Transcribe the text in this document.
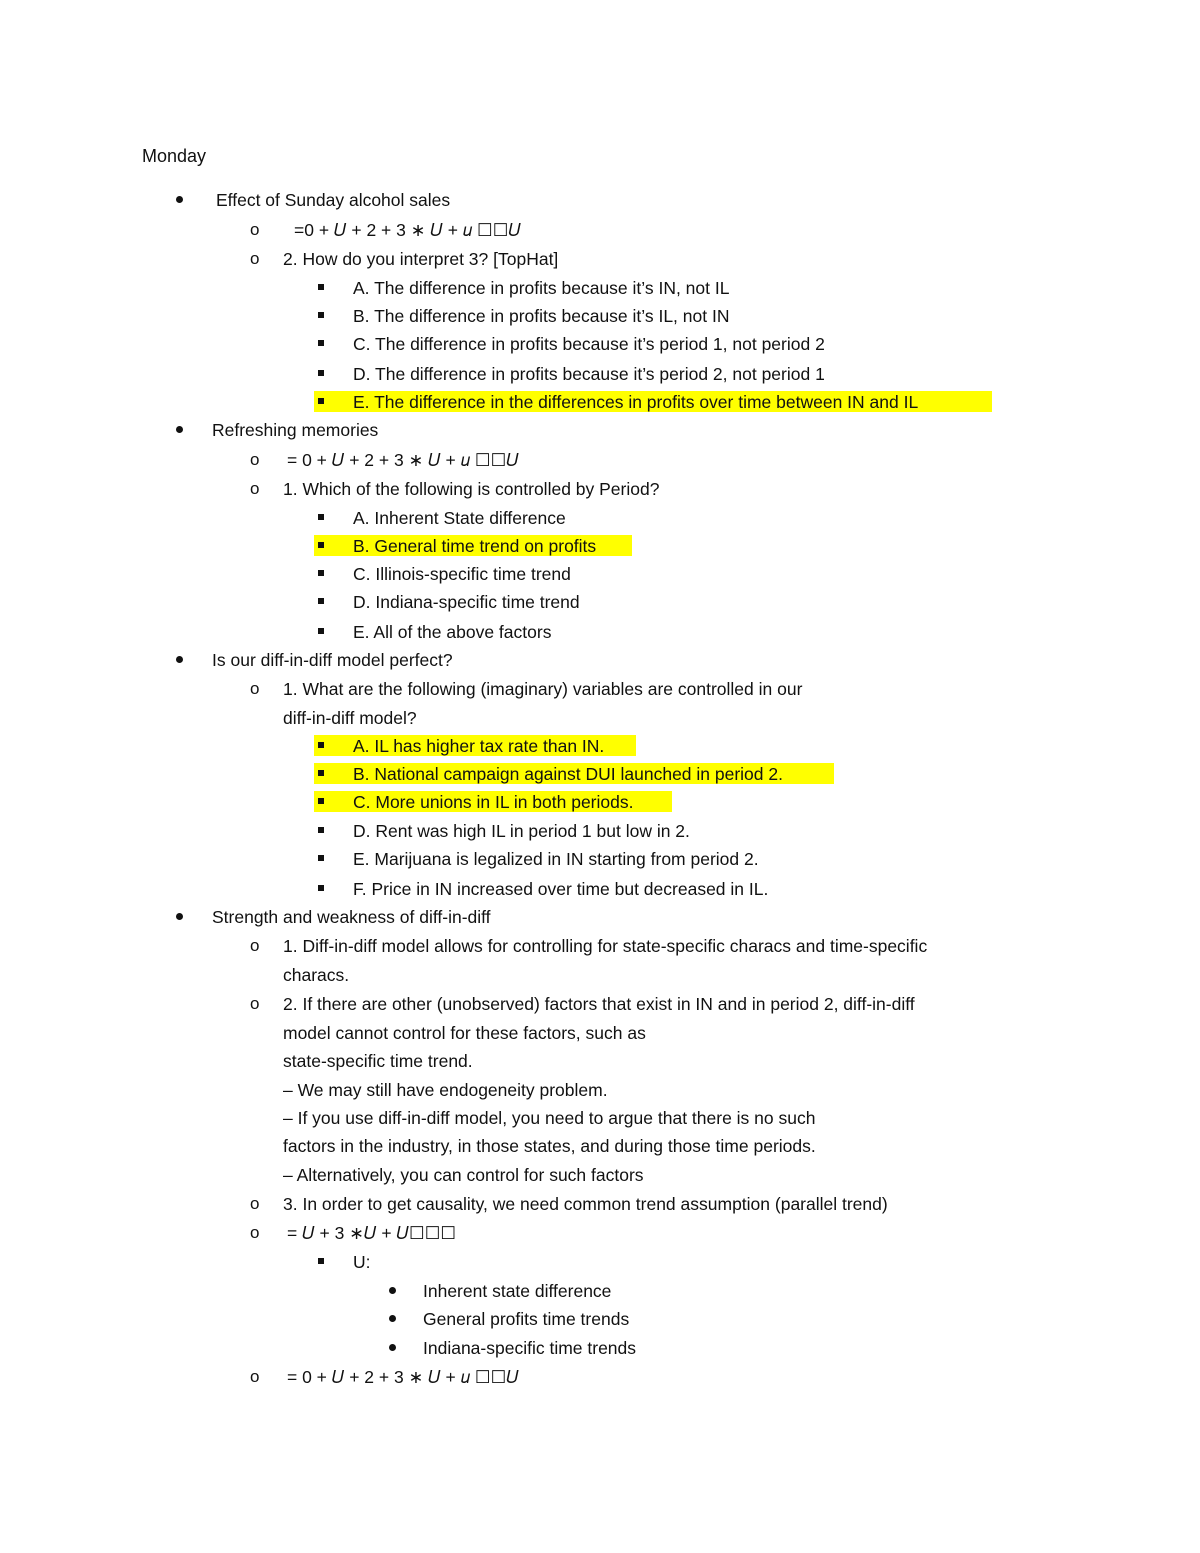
Monday
Effect of Sunday alcohol sales
o =0 + 𝑈 + 2 + 3 ∗ 𝑈 + 𝑢 ☐☐𝑈
o 2. How do you interpret 3? [TopHat]
A. The difference in profits because it’s IN, not IL
B. The difference in profits because it’s IL, not IN
C. The difference in profits because it’s period 1, not period 2
D. The difference in profits because it’s period 2, not period 1
E. The difference in the differences in profits over time between IN and IL
Refreshing memories
o = 0 + 𝑈 + 2 + 3 ∗ 𝑈 + 𝑢 ☐☐𝑈
o 1. Which of the following is controlled by Period?
A. Inherent State difference
B. General time trend on profits
C. Illinois-specific time trend
D. Indiana-specific time trend
E. All of the above factors
Is our diff-in-diff model perfect?
o 1. What are the following (imaginary) variables are controlled in our
diff-in-diff model?
A. IL has higher tax rate than IN.
B. National campaign against DUI launched in period 2.
C. More unions in IL in both periods.
D. Rent was high IL in period 1 but low in 2.
E. Marijuana is legalized in IN starting from period 2.
F. Price in IN increased over time but decreased in IL.
Strength and weakness of diff-in-diff
o 1. Diff-in-diff model allows for controlling for state-specific characs and time-specific
characs.
o 2. If there are other (unobserved) factors that exist in IN and in period 2, diff-in-diff
model cannot control for these factors, such as
state-specific time trend.
– We may still have endogeneity problem.
– If you use diff-in-diff model, you need to argue that there is no such
factors in the industry, in those states, and during those time periods.
– Alternatively, you can control for such factors
o 3. In order to get causality, we need common trend assumption (parallel trend)
o = 𝑈 + 3 ∗𝑈 + 𝑈☐☐☐
U:
Inherent state difference
General profits time trends
Indiana-specific time trends
o = 0 + 𝑈 + 2 + 3 ∗ 𝑈 + 𝑢 ☐☐𝑈
